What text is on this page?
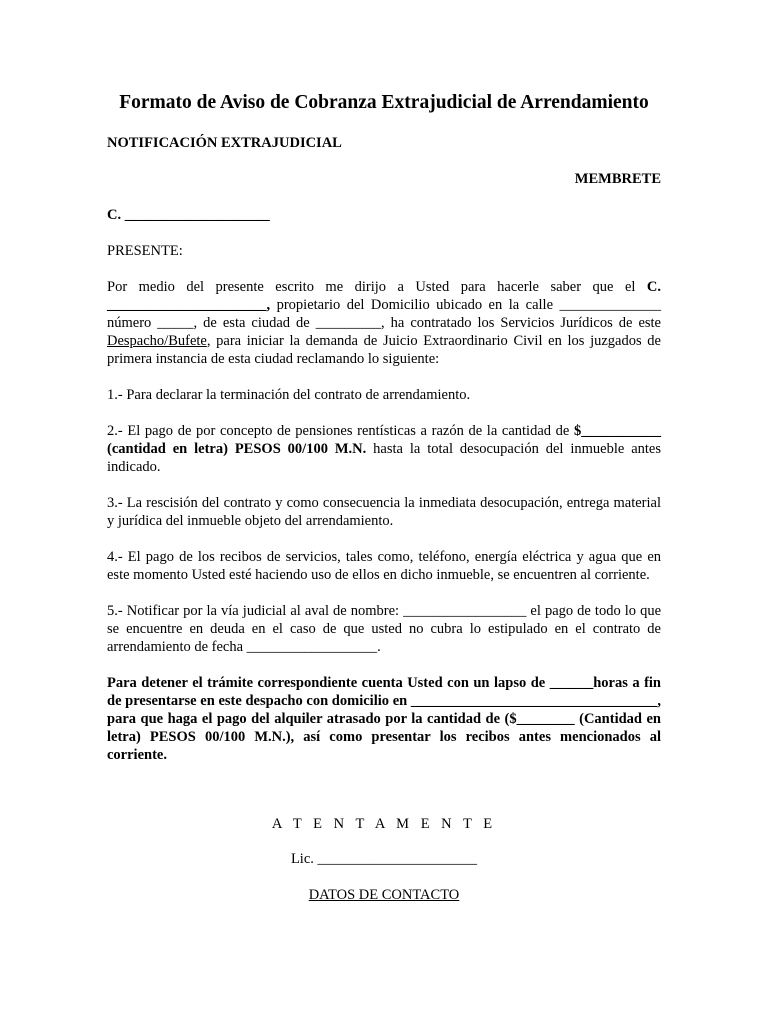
Formato de Aviso de Cobranza Extrajudicial de Arrendamiento
NOTIFICACIÓN EXTRAJUDICIAL
MEMBRETE
C. ____________________
PRESENTE:

Por medio del presente escrito me dirijo a Usted para hacerle saber que el C. ______________________, propietario del Domicilio ubicado en la calle ______________ número _____, de esta ciudad de _________, ha contratado los Servicios Jurídicos de este Despacho/Bufete, para iniciar la demanda de Juicio Extraordinario Civil en los juzgados de primera instancia de esta ciudad reclamando lo siguiente:

1.- Para declarar la terminación del contrato de arrendamiento.

2.- El pago de por concepto de pensiones rentísticas a razón de la cantidad de $___________ (cantidad en letra) PESOS 00/100 M.N. hasta la total desocupación del inmueble antes indicado.

3.- La rescisión del contrato y como consecuencia la inmediata desocupación, entrega material y jurídica del inmueble objeto del arrendamiento.

4.- El pago de los recibos de servicios, tales como, teléfono, energía eléctrica y agua que en este momento Usted esté haciendo uso de ellos en dicho inmueble, se encuentren al corriente.

5.- Notificar por la vía judicial al aval de nombre: _________________ el pago de todo lo que se encuentre en deuda en el caso de que usted no cubra lo estipulado en el contrato de arrendamiento de fecha __________________.

Para detener el trámite correspondiente cuenta Usted con un lapso de ______horas a fin de presentarse en este despacho con domicilio en __________________________________, para que haga el pago del alquiler atrasado por la cantidad de ($________ (Cantidad en letra) PESOS 00/100 M.N.), así como presentar los recibos antes mencionados al corriente.

A T E N T A M E N T E
Lic. ______________________
DATOS DE CONTACTO
